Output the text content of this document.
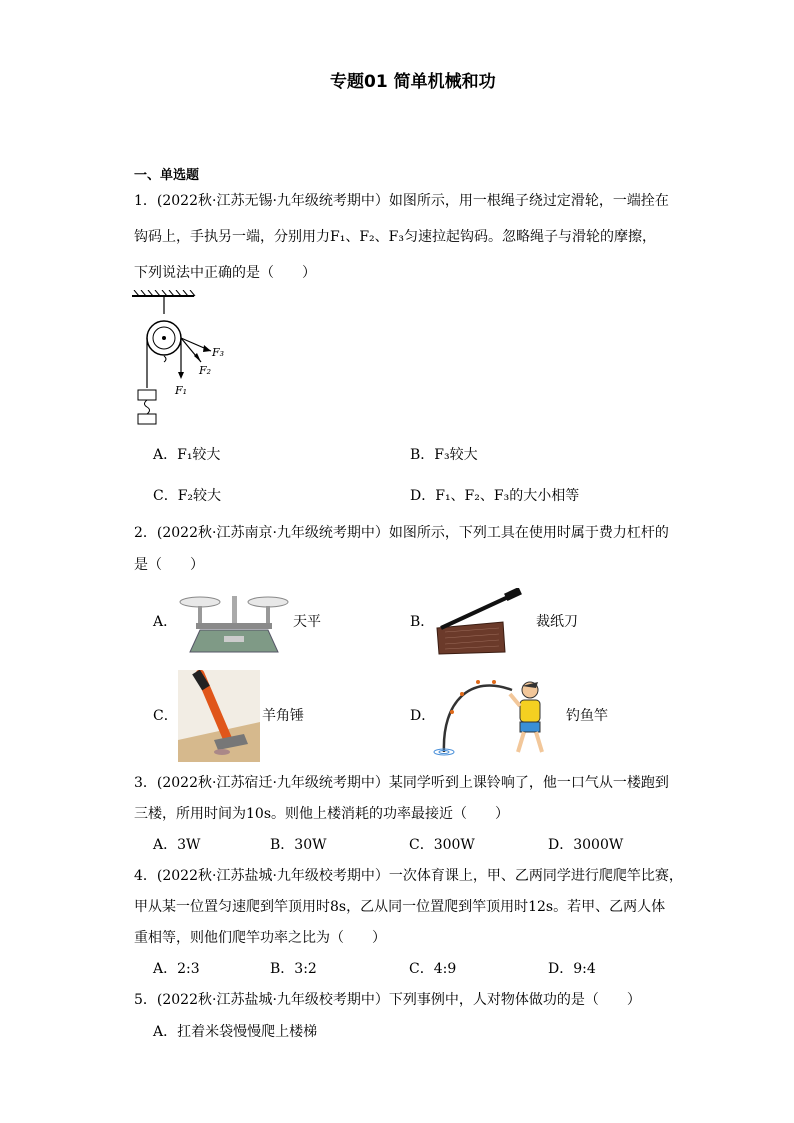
专题01 简单机械和功
一、单选题
1．(2022秋·江苏无锡·九年级统考期中）如图所示，用一根绳子绕过定滑轮，一端拴在
钩码上，手执另一端，分别用力F₁、F₂、F₃匀速拉起钩码。忽略绳子与滑轮的摩擦，
下列说法中正确的是（　　）
F₃
F₂
F₁
A．F₁较大	B．F₃较大
C．F₂较大	D．F₁、F₂、F₃的大小相等
2．(2022秋·江苏南京·九年级统考期中）如图所示，下列工具在使用时属于费力杠杆的
是（　　）
A．	天平	B．	裁纸刀
C．	羊角锤	D．	钓鱼竿
3．(2022秋·江苏宿迁·九年级统考期中）某同学听到上课铃响了，他一口气从一楼跑到
三楼，所用时间为10s。则他上楼消耗的功率最接近（　　）
A．3W	B．30W	C．300W	D．3000W
4．(2022秋·江苏盐城·九年级校考期中）一次体育课上，甲、乙两同学进行爬爬竿比赛，
甲从某一位置匀速爬到竿顶用时8s，乙从同一位置爬到竿顶用时12s。若甲、乙两人体
重相等，则他们爬竿功率之比为（　　）
A．2:3	B．3:2	C．4:9	D．9:4
5．(2022秋·江苏盐城·九年级校考期中）下列事例中，人对物体做功的是（　　）
A．扛着米袋慢慢爬上楼梯
